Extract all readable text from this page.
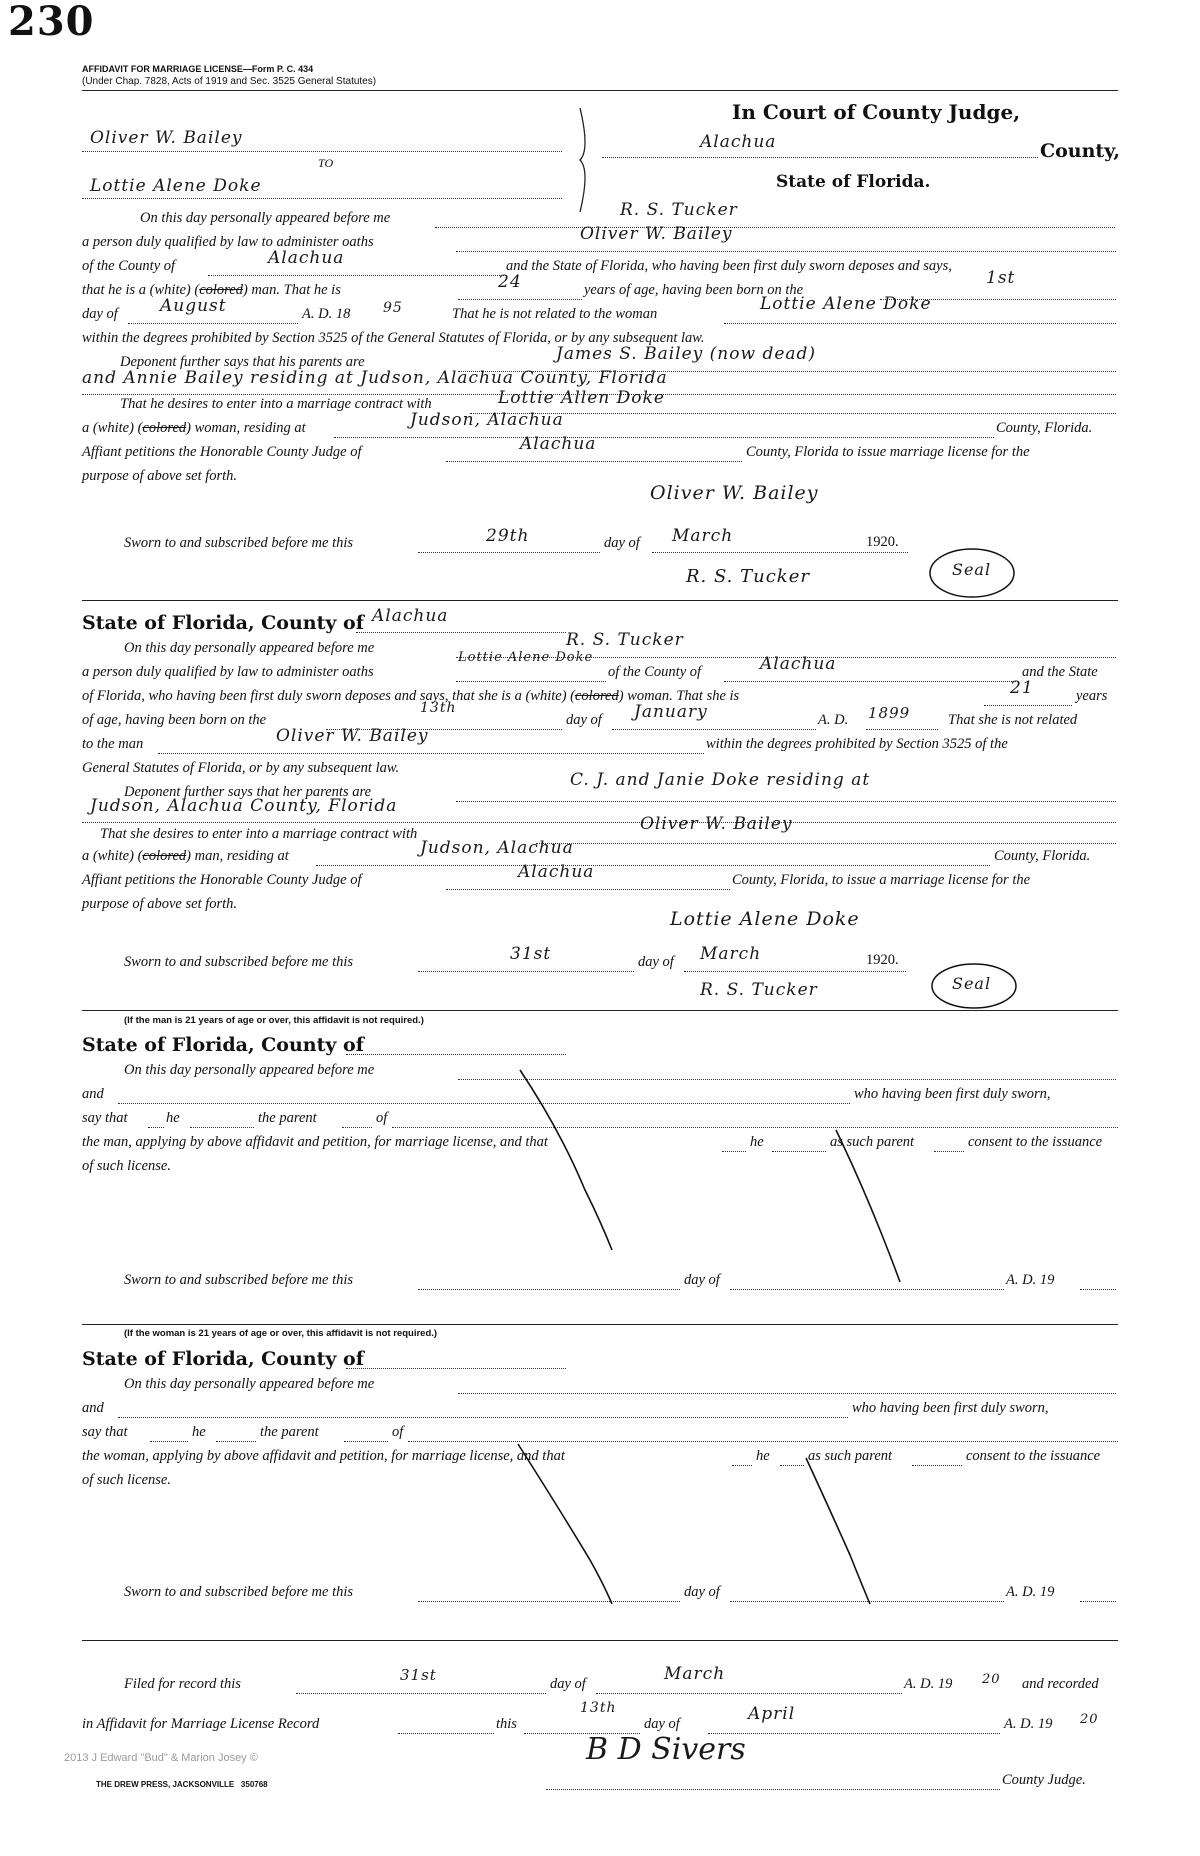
230
AFFIDAVIT FOR MARRIAGE LICENSE—Form P. C. 434
(Under Chap. 7828, Acts of 1919 and Sec. 3525 General Statutes)
Oliver W. Bailey
TO
Lottie Alene Doke
In Court of County Judge,
Alachua	County,
State of Florida.
On this day personally appeared before me	R. S. Tucker
a person duly qualified by law to administer oaths	Oliver W. Bailey
of the County of	Alachua	and the State of Florida, who having been first duly sworn deposes and says,
that he is a (white) (colored) man. That he is	24	years of age, having been born on the
1st
day of August	A. D. 18 95	That he is not related to the woman	Lottie Alene Doke
within the degrees prohibited by Section 3525 of the General Statutes of Florida, or by any subsequent law.
Deponent further says that his parents are	James S. Bailey (now dead)
and Annie Bailey residing at Judson, Alachua County, Florida
That he desires to enter into a marriage contract with	Lottie Allen Doke
a (white) (colored) woman, residing at	Judson, Alachua	County, Florida.
Affiant petitions the Honorable County Judge of	Alachua	County, Florida to issue marriage license for the
purpose of above set forth.
Oliver W. Bailey
Sworn to and subscribed before me this	29th	day of March	1920.
R. S. Tucker	Seal
State of Florida, County of Alachua
On this day personally appeared before me	R. S. Tucker
a person duly qualified by law to administer oaths
Lottie Alene Doke
of the County of	Alachua	and the State
of Florida, who having been first duly sworn deposes and says, that she is a (white) (colored) woman. That she is	21	years
of age, having been born on the
13th
day of January	A. D. 1899	That she is not related
to the man	Oliver W. Bailey	within the degrees prohibited by Section 3525 of the
General Statutes of Florida, or by any subsequent law.
Deponent further says that her parents are
C. J. and Janie Doke residing at
Judson, Alachua County, Florida
That she desires to enter into a marriage contract with	Oliver W. Bailey
a (white) (colored) man, residing at	Judson, Alachua	County, Florida.
Affiant petitions the Honorable County Judge of	Alachua	County, Florida, to issue a marriage license for the
purpose of above set forth.
Lottie Alene Doke
Sworn to and subscribed before me this	31st	day of March	1920.
R. S. Tucker	Seal
(If the man is 21 years of age or over, this affidavit is not required.)
State of Florida, County of
On this day personally appeared before me
and	who having been first duly sworn,
say that	he	the parent	of
the man, applying by above affidavit and petition, for marriage license, and that	he	as such parent	consent to the issuance
of such license.
Sworn to and subscribed before me this	day of	A. D. 19
(If the woman is 21 years of age or over, this affidavit is not required.)
State of Florida, County of
On this day personally appeared before me
and	who having been first duly sworn,
say that	he	the parent	of
the woman, applying by above affidavit and petition, for marriage license, and that	he	as such parent	consent to the issuance
of such license.
Sworn to and subscribed before me this	day of	A. D. 19
Filed for record this	31st	day of	March	A. D. 19 20 and recorded
in Affidavit for Marriage License Record	this
13th
day of	April	A. D. 19 20
B D Sivers
County Judge.
2013 J Edward "Bud" & Marion Josey ©
THE DREW PRESS, JACKSONVILLE 350768
